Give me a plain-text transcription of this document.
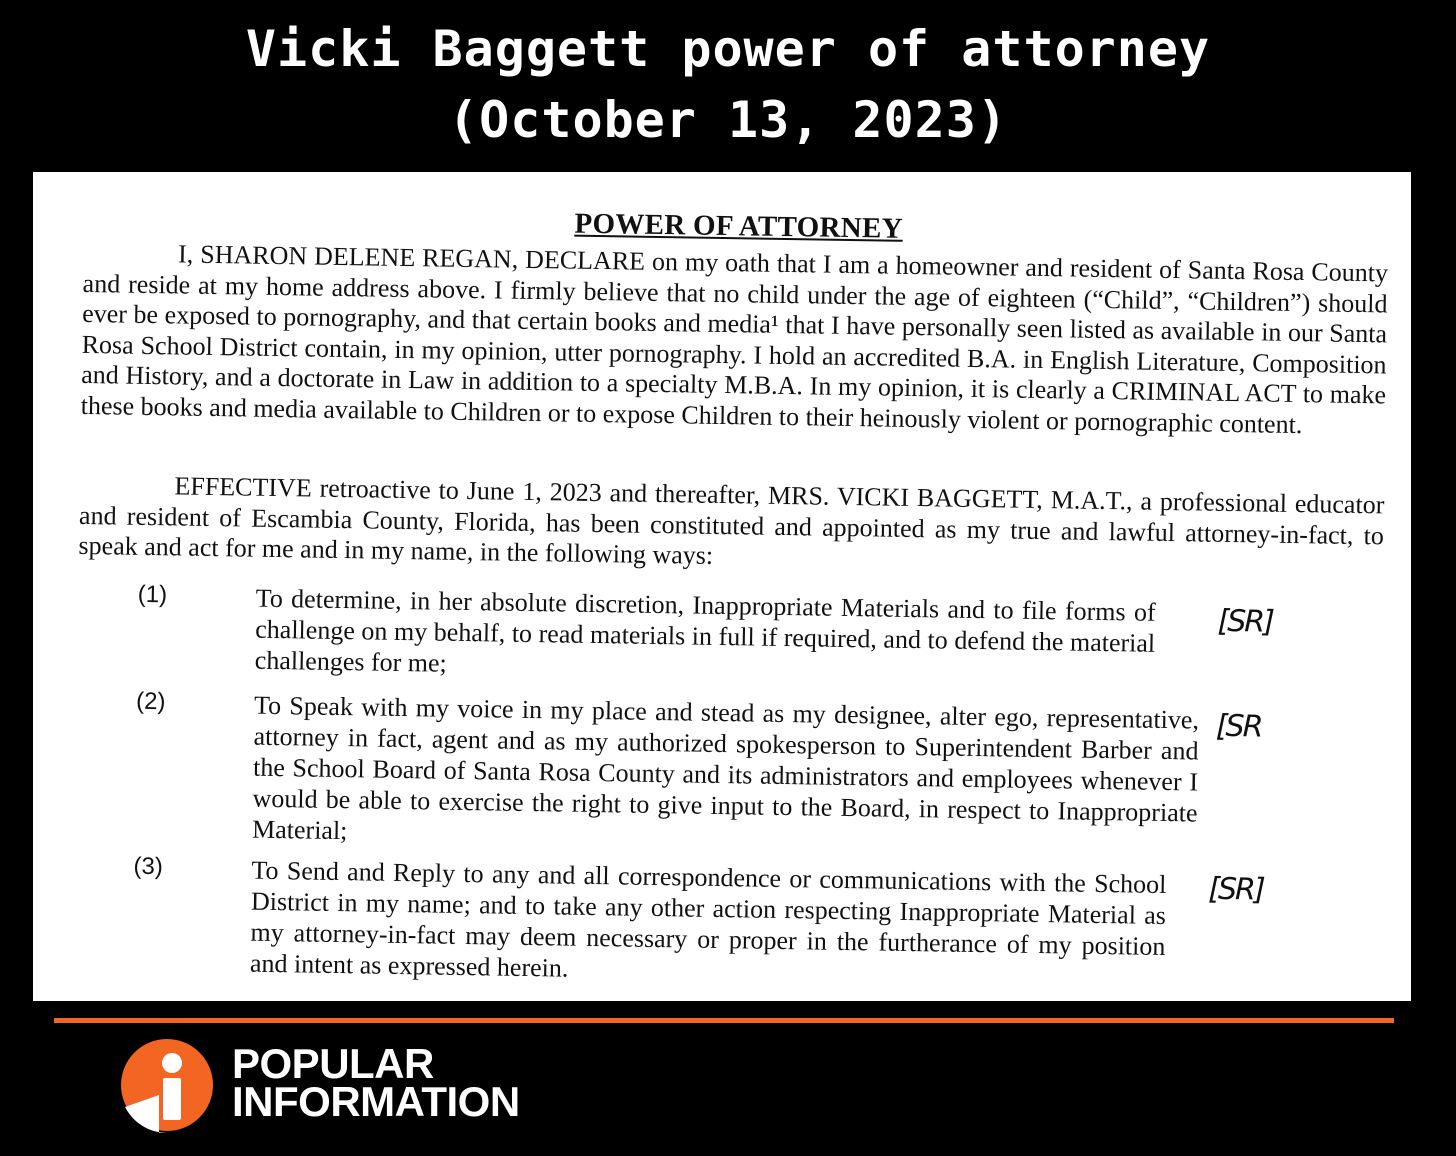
Vicki Baggett power of attorney
(October 13, 2023)
POWER OF ATTORNEY
I, SHARON DELENE REGAN, DECLARE on my oath that I am a homeowner and resident of Santa Rosa County and reside at my home address above. I firmly believe that no child under the age of eighteen (“Child”, “Children”) should ever be exposed to pornography, and that certain books and media¹ that I have personally seen listed as available in our Santa Rosa School District contain, in my opinion, utter pornography. I hold an accredited B.A. in English Literature, Composition and History, and a doctorate in Law in addition to a specialty M.B.A. In my opinion, it is clearly a CRIMINAL ACT to make these books and media available to Children or to expose Children to their heinously violent or pornographic content.
EFFECTIVE retroactive to June 1, 2023 and thereafter, MRS. VICKI BAGGETT, M.A.T., a professional educator and resident of Escambia County, Florida, has been constituted and appointed as my true and lawful attorney-in-fact, to speak and act for me and in my name, in the following ways:
(1)	To determine, in her absolute discretion, Inappropriate Materials and to file forms of challenge on my behalf, to read materials in full if required, and to defend the material challenges for me;
[SR]
(2)	To Speak with my voice in my place and stead as my designee, alter ego, representative, attorney in fact, agent and as my authorized spokesperson to Superintendent Barber and the School Board of Santa Rosa County and its administrators and employees whenever I would be able to exercise the right to give input to the Board, in respect to Inappropriate Material;
[SR
(3)	To Send and Reply to any and all correspondence or communications with the School District in my name; and to take any other action respecting Inappropriate Material as my attorney-in-fact may deem necessary or proper in the furtherance of my position and intent as expressed herein.
[SR]
POPULAR
INFORMATION
